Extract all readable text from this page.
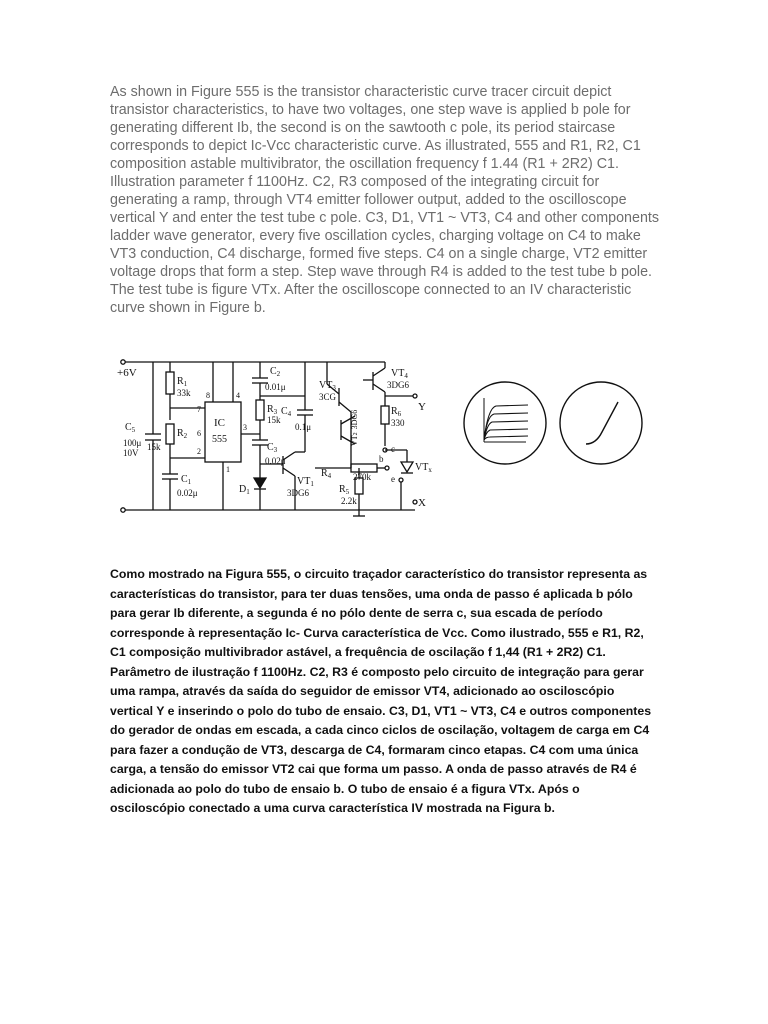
As shown in Figure 555 is the transistor characteristic curve tracer circuit depict transistor characteristics, to have two voltages, one step wave is applied b pole for generating different Ib, the second is on the sawtooth c pole, its period staircase corresponds to depict Ic-Vcc characteristic curve. As illustrated, 555 and R1, R2, C1 composition astable multivibrator, the oscillation frequency f 1.44 (R1 + 2R2) C1. Illustration parameter f 1100Hz. C2, R3 composed of the integrating circuit for generating a ramp, through VT4 emitter follower output, added to the oscilloscope vertical Y and enter the test tube c pole. C3, D1, VT1 ~ VT3, C4 and other components ladder wave generator, every five oscillation cycles, charging voltage on C4 to make VT3 conduction, C4 discharge, formed five steps. C4 on a single charge, VT2 emitter voltage drops that form a step. Step wave through R4 is added to the test tube b pole. The test tube is figure VTx. After the oscilloscope connected to an IV characteristic curve shown in Figure b.

+6V
$C_5$
100μ
10V
$R_1$
33k
$R_2$
15k
$C_1$
0.02μ
IC
555
8	4
7
6
2
3
1
$C_2$
0.01μ
$R_3$
15k
$C_3$
0.02μ
$D_1$
$VT_1$
3DG6
$C_4$
0.1μ
$VT_3$
3CG
VT23DG6
$R_4$ 270k
$R_5$
2.2k
$VT_4$
3DG6
Y
$R_6$
330
c
b
e
$VT_x$
X

Como mostrado na Figura 555, o circuito traçador característico do transistor representa as características do transistor, para ter duas tensões, uma onda de passo é aplicada b pólo para gerar Ib diferente, a segunda é no pólo dente de serra c, sua escada de período corresponde à representação Ic- Curva característica de Vcc. Como ilustrado, 555 e R1, R2, C1 composição multivibrador astável, a frequência de oscilação f 1,44 (R1 + 2R2) C1. Parâmetro de ilustração f 1100Hz. C2, R3 é composto pelo circuito de integração para gerar uma rampa, através da saída do seguidor de emissor VT4, adicionado ao osciloscópio vertical Y e inserindo o polo do tubo de ensaio. C3, D1, VT1 ~ VT3, C4 e outros componentes do gerador de ondas em escada, a cada cinco ciclos de oscilação, voltagem de carga em C4 para fazer a condução de VT3, descarga de C4, formaram cinco etapas. C4 com uma única carga, a tensão do emissor VT2 cai que forma um passo. A onda de passo através de R4 é adicionada ao polo do tubo de ensaio b. O tubo de ensaio é a figura VTx. Após o osciloscópio conectado a uma curva característica IV mostrada na Figura b.
